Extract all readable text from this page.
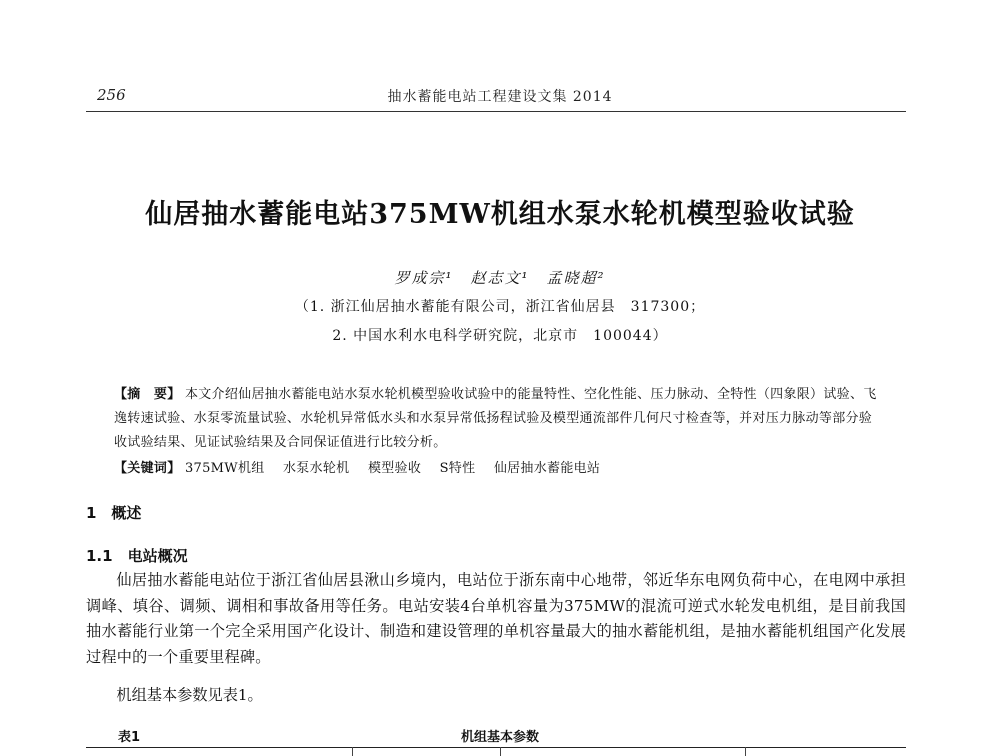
256	抽水蓄能电站工程建设文集 2014
仙居抽水蓄能电站375MW机组水泵水轮机模型验收试验
罗成宗¹　赵志文¹　孟晓超²
（1. 浙江仙居抽水蓄能有限公司，浙江省仙居县　317300；
2. 中国水利水电科学研究院，北京市　100044）
【摘　要】 本文介绍仙居抽水蓄能电站水泵水轮机模型验收试验中的能量特性、空化性能、压力脉动、全特性（四象限）试验、飞逸转速试验、水泵零流量试验、水轮机异常低水头和水泵异常低扬程试验及模型通流部件几何尺寸检查等，并对压力脉动等部分验收试验结果、见证试验结果及合同保证值进行比较分析。
【关键词】 375MW机组 水泵水轮机 模型验收 S特性 仙居抽水蓄能电站
1　概述
1.1　电站概况
仙居抽水蓄能电站位于浙江省仙居县湫山乡境内，电站位于浙东南中心地带，邻近华东电网负荷中心，在电网中承担调峰、填谷、调频、调相和事故备用等任务。电站安装4台单机容量为375MW的混流可逆式水轮发电机组，是目前我国抽水蓄能行业第一个完全采用国产化设计、制造和建设管理的单机容量最大的抽水蓄能机组，是抽水蓄能机组国产化发展过程中的一个重要里程碑。
机组基本参数见表1。
表1	机组基本参数
